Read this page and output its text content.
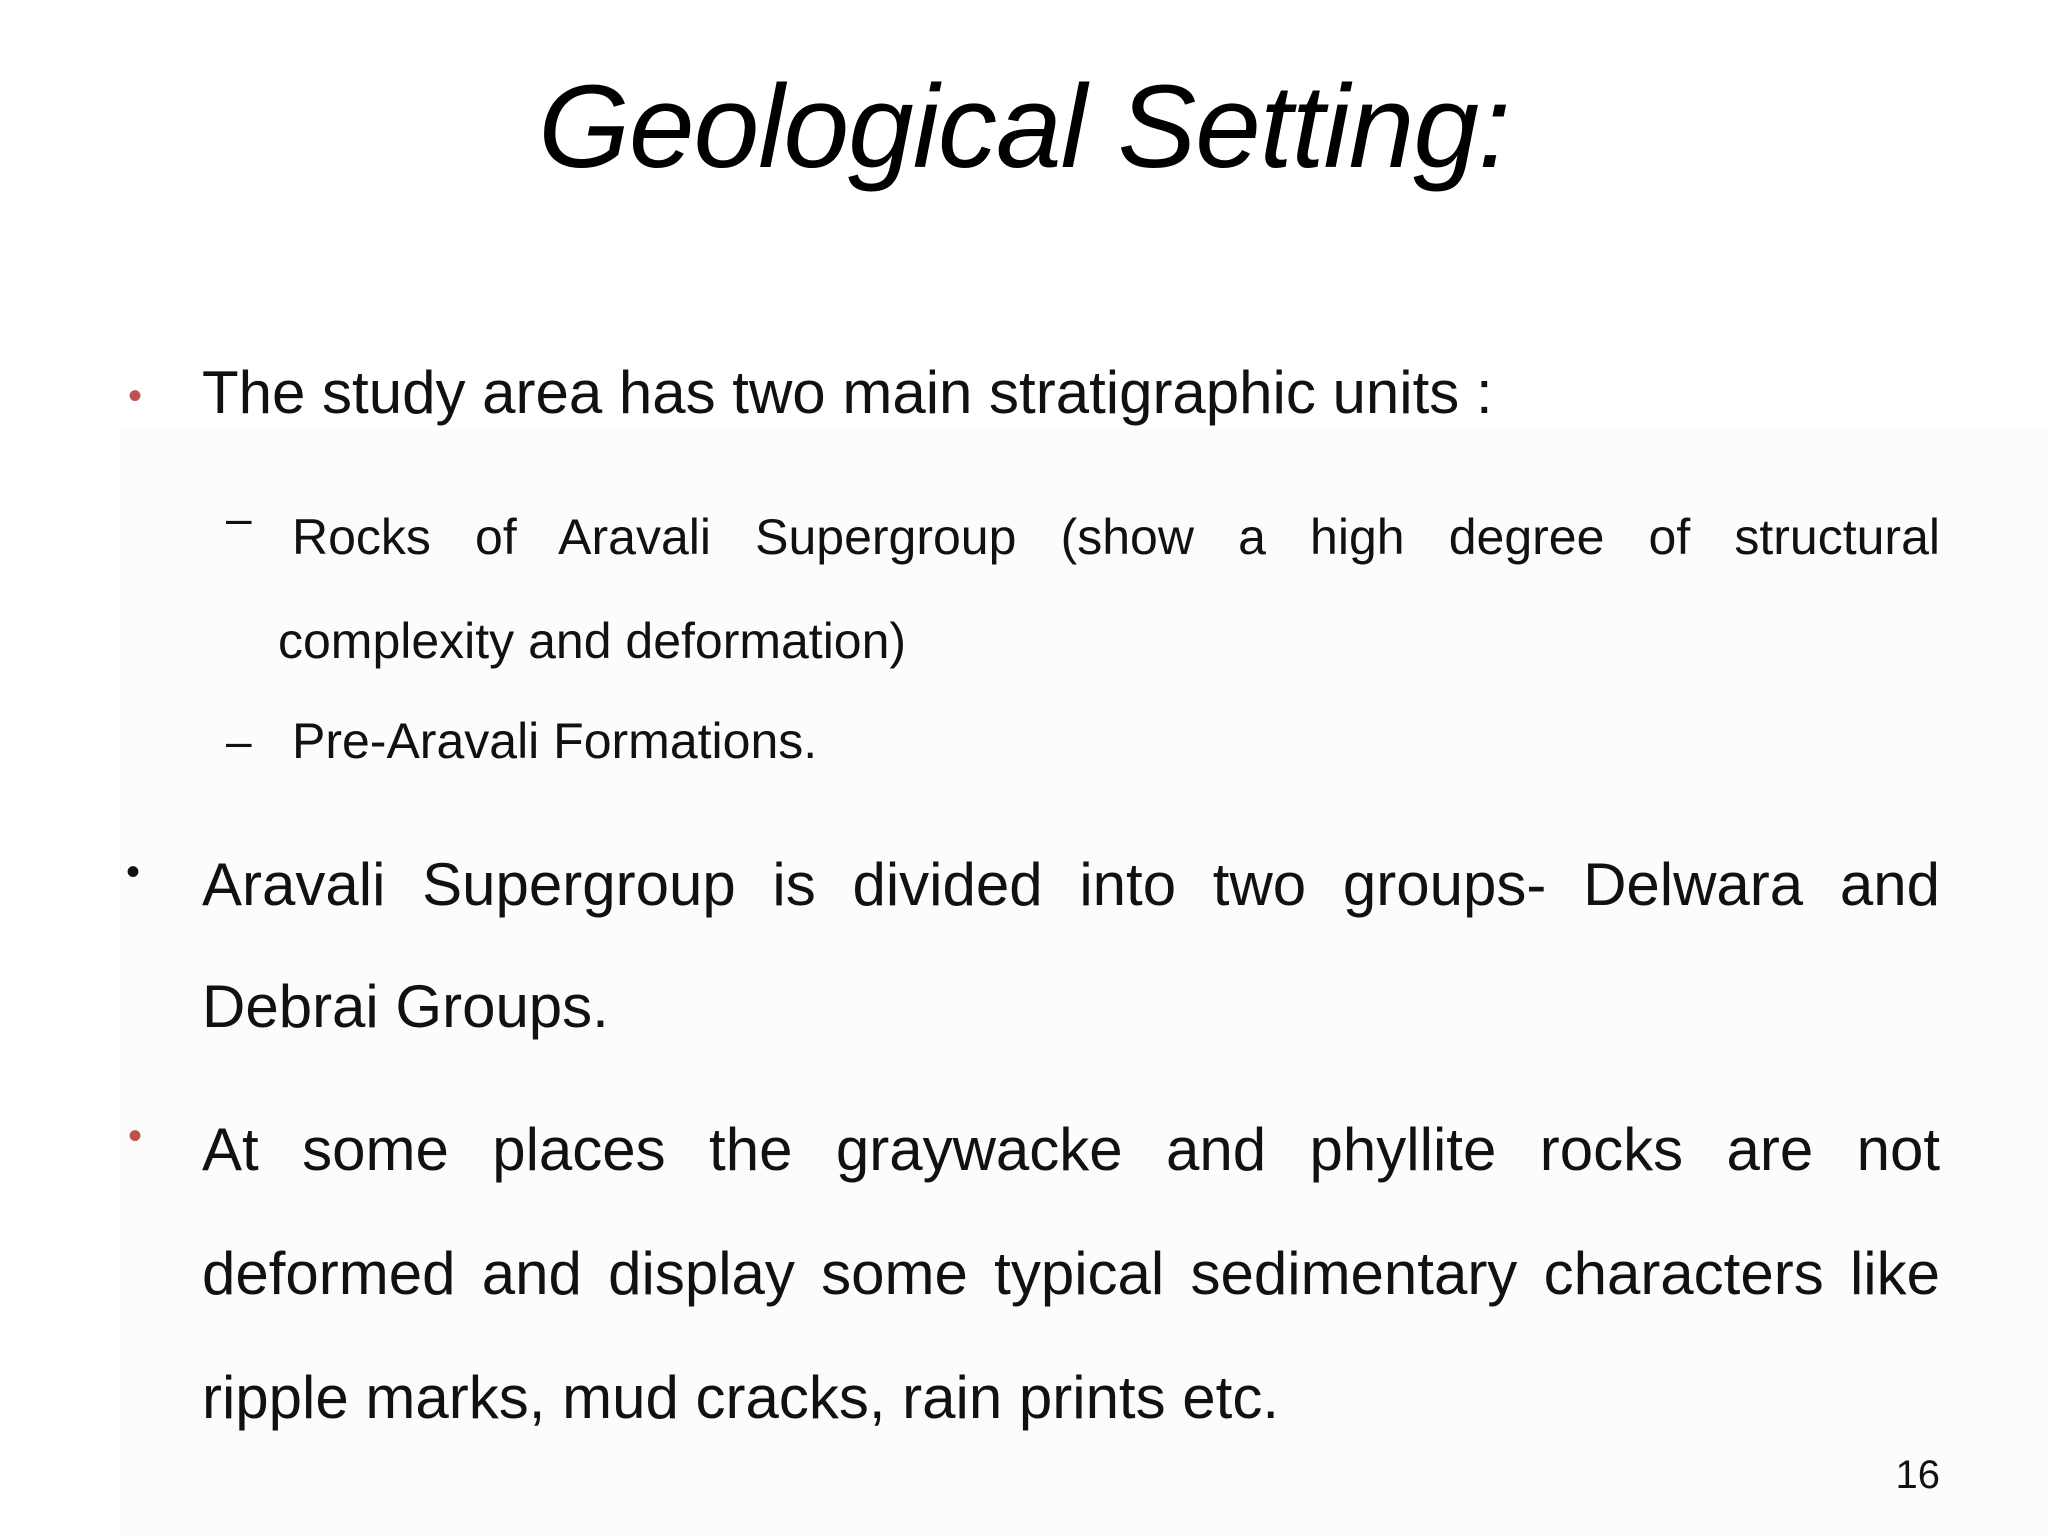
Geological Setting:
• The study area has two main stratigraphic units :
– Rocks of Aravali Supergroup (show a high degree of structural
complexity and deformation)
– Pre-Aravali Formations.
• Aravali Supergroup is divided into two groups- Delwara and Debrai Groups.
• At some places the graywacke and phyllite rocks are not deformed and display some typical sedimentary characters like ripple marks, mud cracks, rain prints etc.
16
